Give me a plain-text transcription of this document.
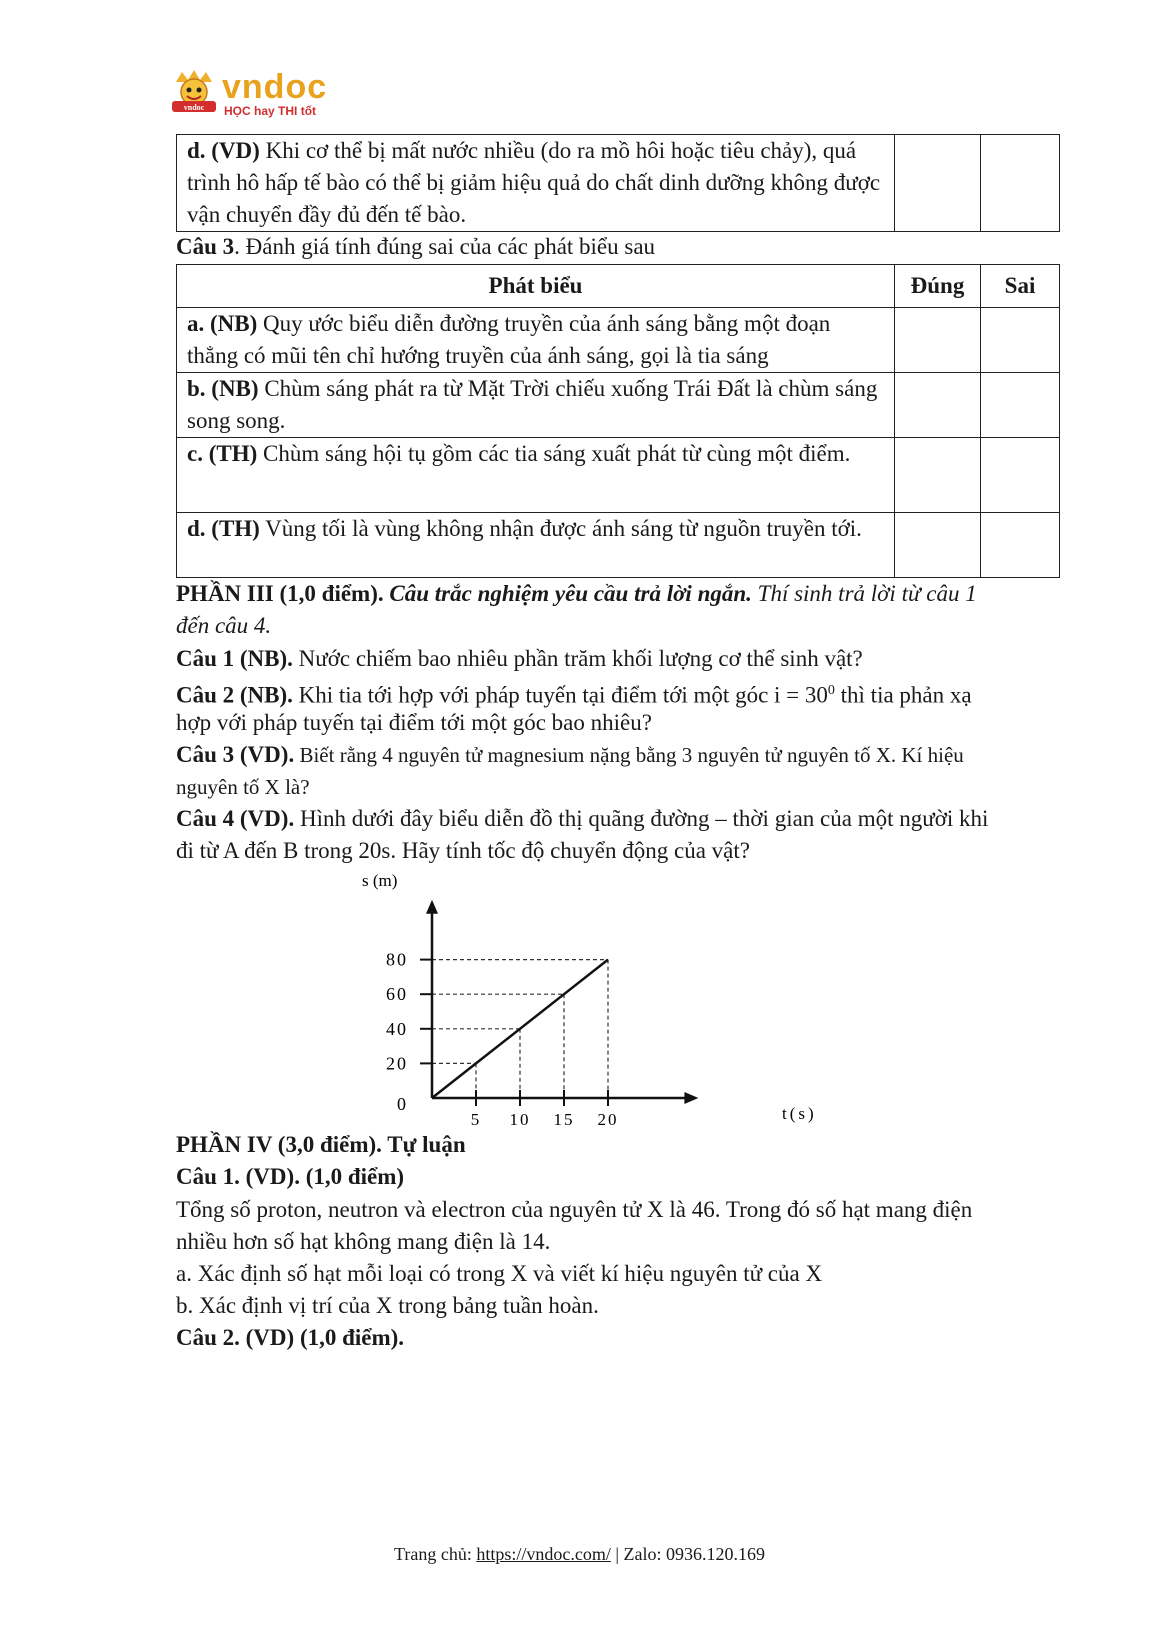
vndoc
vndoc
HỌC hay THI tốt
d. (VD) Khi cơ thể bị mất nước nhiều (do ra mồ hôi hoặc tiêu chảy), quá trình hô hấp tế bào có thể bị giảm hiệu quả do chất dinh dưỡng không được vận chuyển đầy đủ đến tế bào.		
Câu 3. Đánh giá tính đúng sai của các phát biểu sau
Phát biểu	Đúng	Sai
a. (NB) Quy ước biểu diễn đường truyền của ánh sáng bằng một đoạn thẳng có mũi tên chỉ hướng truyền của ánh sáng, gọi là tia sáng		
b. (NB) Chùm sáng phát ra từ Mặt Trời chiếu xuống Trái Đất là chùm sáng song song.		
c. (TH) Chùm sáng hội tụ gồm các tia sáng xuất phát từ cùng một điểm.		
d. (TH) Vùng tối là vùng không nhận được ánh sáng từ nguồn truyền tới.		
PHẦN III (1,0 điểm). Câu trắc nghiệm yêu cầu trả lời ngắn. Thí sinh trả lời từ câu 1
đến câu 4.
Câu 1 (NB). Nước chiếm bao nhiêu phần trăm khối lượng cơ thể sinh vật?
Câu 2 (NB). Khi tia tới hợp với pháp tuyến tại điểm tới một góc $i = 30^0$ thì tia phản xạ
hợp với pháp tuyến tại điểm tới một góc bao nhiêu?
Câu 3 (VD). Biết rằng 4 nguyên tử magnesium nặng bằng 3 nguyên tử nguyên tố X. Kí hiệu
nguyên tố X là?
Câu 4 (VD). Hình dưới đây biểu diễn đồ thị quãng đường – thời gian của một người khi
đi từ A đến B trong 20s. Hãy tính tốc độ chuyển động của vật?
0
20
40
60
80
5 10 15 20
s (m)
t(s)
PHẦN IV (3,0 điểm). Tự luận
Câu 1. (VD). (1,0 điểm)
Tổng số proton, neutron và electron của nguyên tử X là 46. Trong đó số hạt mang điện
nhiều hơn số hạt không mang điện là 14.
a. Xác định số hạt mỗi loại có trong X và viết kí hiệu nguyên tử của X
b. Xác định vị trí của X trong bảng tuần hoàn.
Câu 2. (VD) (1,0 điểm).
Trang chủ: https://vndoc.com/ | Zalo: 0936.120.169
